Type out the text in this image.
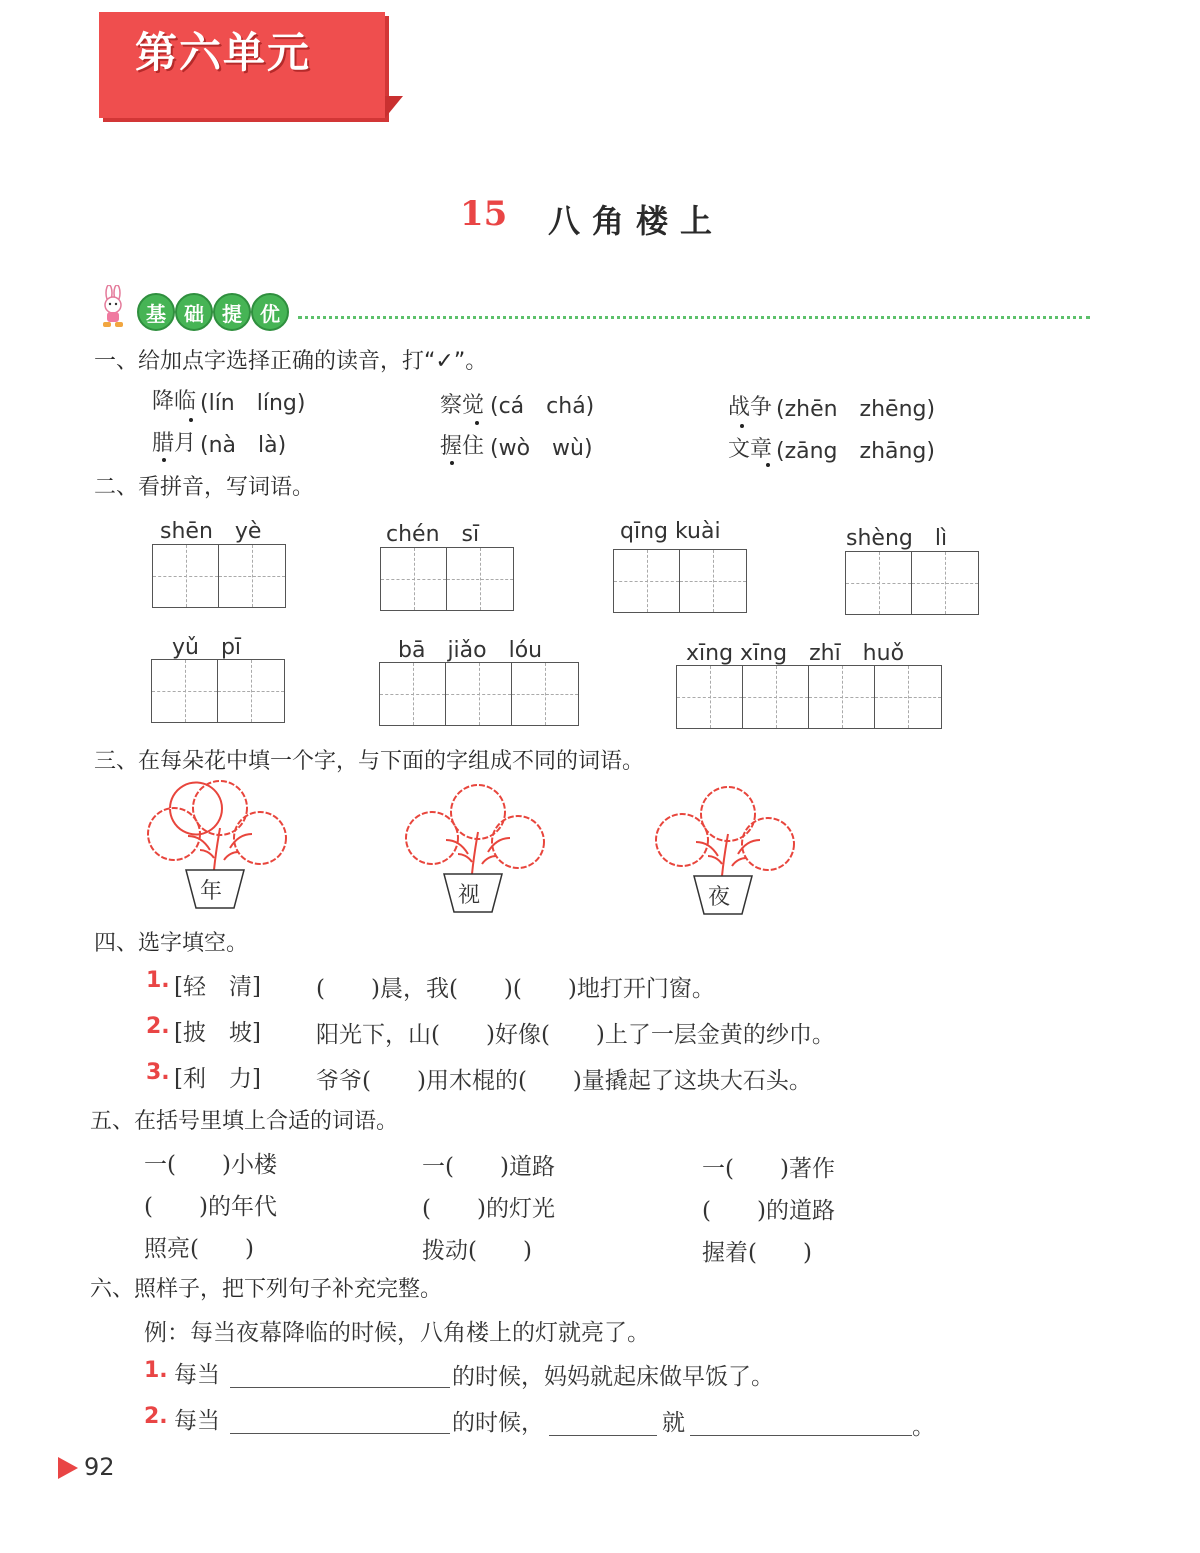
第六单元
15 八角楼上
基 础 提 优
一、给加点字选择正确的读音，打“✓”。
降临 (lín　líng)	察觉 (cá　chá)	战争 (zhēn　zhēng)
腊月 (nà　là)	握住 (wò　wù)	文章 (zāng　zhāng)
二、看拼音，写词语。
shēn　yè	chén　sī	qīng kuài	shèng　lì
yǔ　pī	bā　jiǎo　lóu	xīng xīng　zhī　huǒ
三、在每朵花中填一个字，与下面的字组成不同的词语。
年	视	夜
四、选字填空。
1. [轻　清] (　　)晨，我(　　)(　　)地打开门窗。
2. [披　坡] 阳光下，山(　　)好像(　　)上了一层金黄的纱巾。
3. [利　力] 爷爷(　　)用木棍的(　　)量撬起了这块大石头。
五、在括号里填上合适的词语。
一(　　)小楼	一(　　)道路	一(　　)著作
(　　)的年代	(　　)的灯光	(　　)的道路
照亮(　　)	拨动(　　)	握着(　　)
六、照样子，把下列句子补充完整。
例：每当夜幕降临的时候，八角楼上的灯就亮了。
1. 每当	的时候，妈妈就起床做早饭了。
2. 每当	的时候，	就	。
92
